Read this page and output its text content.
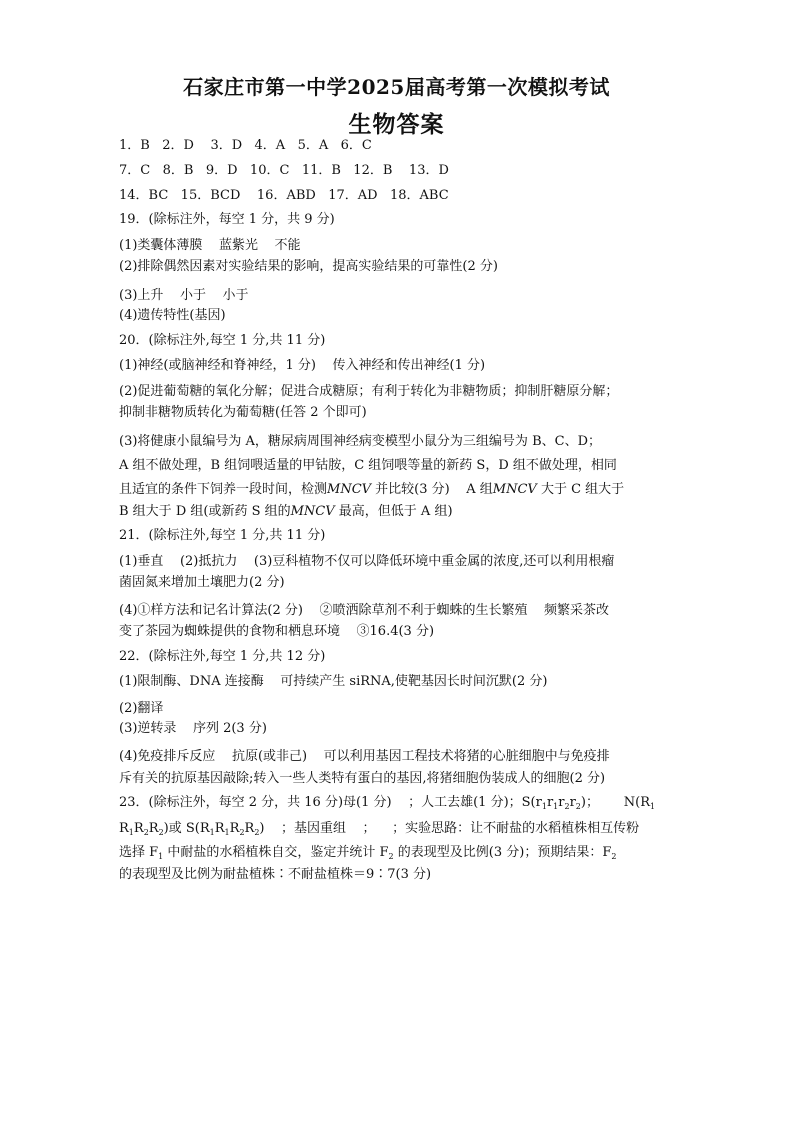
石家庄市第一中学2025届高考第一次模拟考试
生物答案
1．B   2．D    3．D   4．A   5．A   6．C
7．C   8．B   9．D   10．C   11．B   12．B    13．D
14．BC   15．BCD    16．ABD   17．AD   18．ABC
19．(除标注外，每空 1 分，共 9 分)
(1)类囊体薄膜    蓝紫光    不能
(2)排除偶然因素对实验结果的影响，提高实验结果的可靠性(2 分)
(3)上升    小于    小于
(4)遗传特性(基因)
20．(除标注外,每空 1 分,共 11 分)
(1)神经(或脑神经和脊神经，1 分)    传入神经和传出神经(1 分)
(2)促进葡萄糖的氧化分解；促进合成糖原；有利于转化为非糖物质；抑制肝糖原分解；
抑制非糖物质转化为葡萄糖(任答 2 个即可)
(3)将健康小鼠编号为 A，糖尿病周围神经病变模型小鼠分为三组编号为 B、C、D；
A 组不做处理，B 组饲喂适量的甲钴胺，C 组饲喂等量的新药 S，D 组不做处理，相同
且适宜的条件下饲养一段时间，检测MNCV 并比较(3 分)    A 组MNCV 大于 C 组大于
B 组大于 D 组(或新药 S 组的MNCV 最高，但低于 A 组)
21．(除标注外,每空 1 分,共 11 分)
(1)垂直    (2)抵抗力    (3)豆科植物不仅可以降低环境中重金属的浓度,还可以利用根瘤
菌固氮来增加土壤肥力(2 分)
(4)①样方法和记名计算法(2 分)    ②喷洒除草剂不利于蜘蛛的生长繁殖    频繁采茶改
变了茶园为蜘蛛提供的食物和栖息环境    ③16.4(3 分)
22．(除标注外,每空 1 分,共 12 分)
(1)限制酶、DNA 连接酶    可持续产生 siRNA,使靶基因长时间沉默(2 分)
(2)翻译
(3)逆转录    序列 2(3 分)
(4)免疫排斥反应    抗原(或非己)    可以利用基因工程技术将猪的心脏细胞中与免疫排
斥有关的抗原基因敲除;转入一些人类特有蛋白的基因,将猪细胞伪装成人的细胞(2 分)
23．(除标注外，每空 2 分，共 16 分)母(1 分)    ；人工去雄(1 分)；$S(r_1r_1r_2r_2)$；      $N(R_1$
$R_1R_2R_2$)或 $S(R_1R_1R_2R_2)$    ；基因重组    ；    ；实验思路：让不耐盐的水稻植株相互传粉
选择 $F_1$ 中耐盐的水稻植株自交，鉴定并统计 $F_2$ 的表现型及比例(3 分)；预期结果：$F_2$
的表现型及比例为耐盐植株∶不耐盐植株＝9∶7(3 分)
